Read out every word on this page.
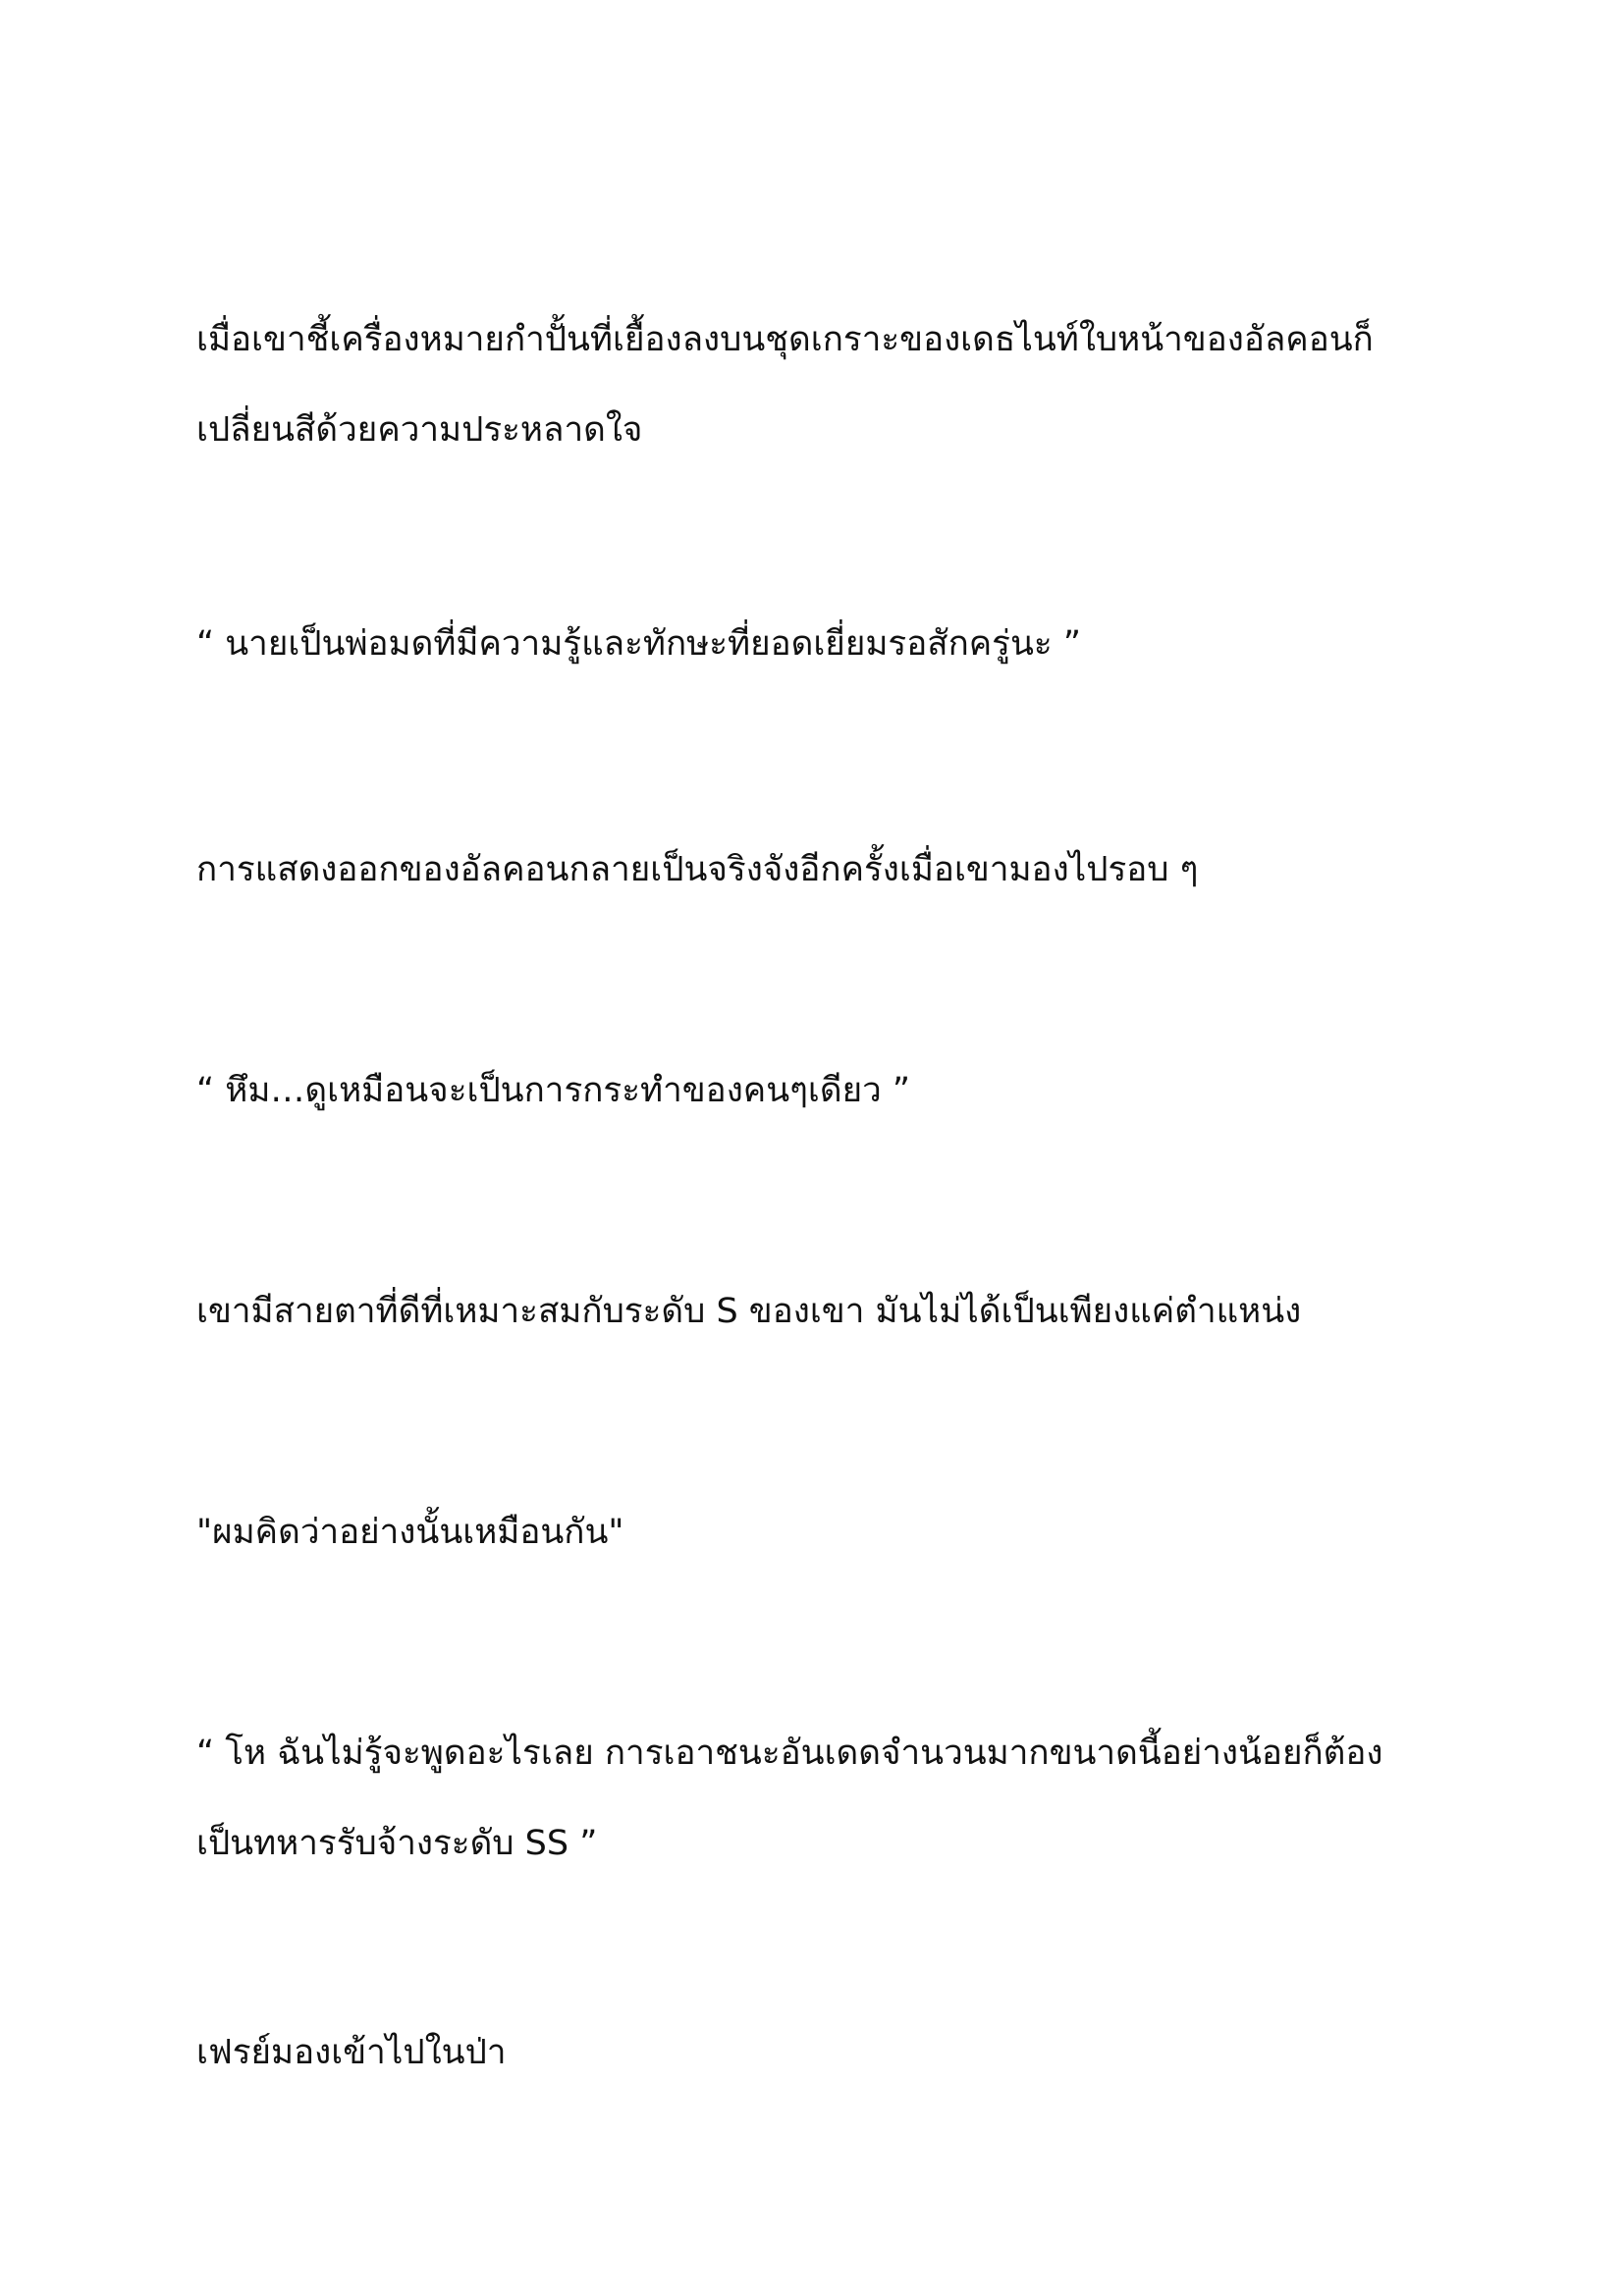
เมื่อเขาชี้เครื่องหมายกำปั้นที่เยื้องลงบนชุดเกราะของเดธไนท์ใบหน้าของอัลคอนก็
เปลี่ยนสีด้วยความประหลาดใจ

“ นายเป็นพ่อมดที่มีความรู้และทักษะที่ยอดเยี่ยมรอสักครู่นะ ”

การแสดงออกของอัลคอนกลายเป็นจริงจังอีกครั้งเมื่อเขามองไปรอบ ๆ

“ หึม…ดูเหมือนจะเป็นการกระทำของคนๆเดียว ”

เขามีสายตาที่ดีที่เหมาะสมกับระดับ S ของเขา มันไม่ได้เป็นเพียงแค่ตำแหน่ง

"ผมคิดว่าอย่างนั้นเหมือนกัน"

“ โห ฉันไม่รู้จะพูดอะไรเลย การเอาชนะอันเดดจำนวนมากขนาดนี้อย่างน้อยก็ต้อง
เป็นทหารรับจ้างระดับ SS ”

เฟรย์มองเข้าไปในป่า
